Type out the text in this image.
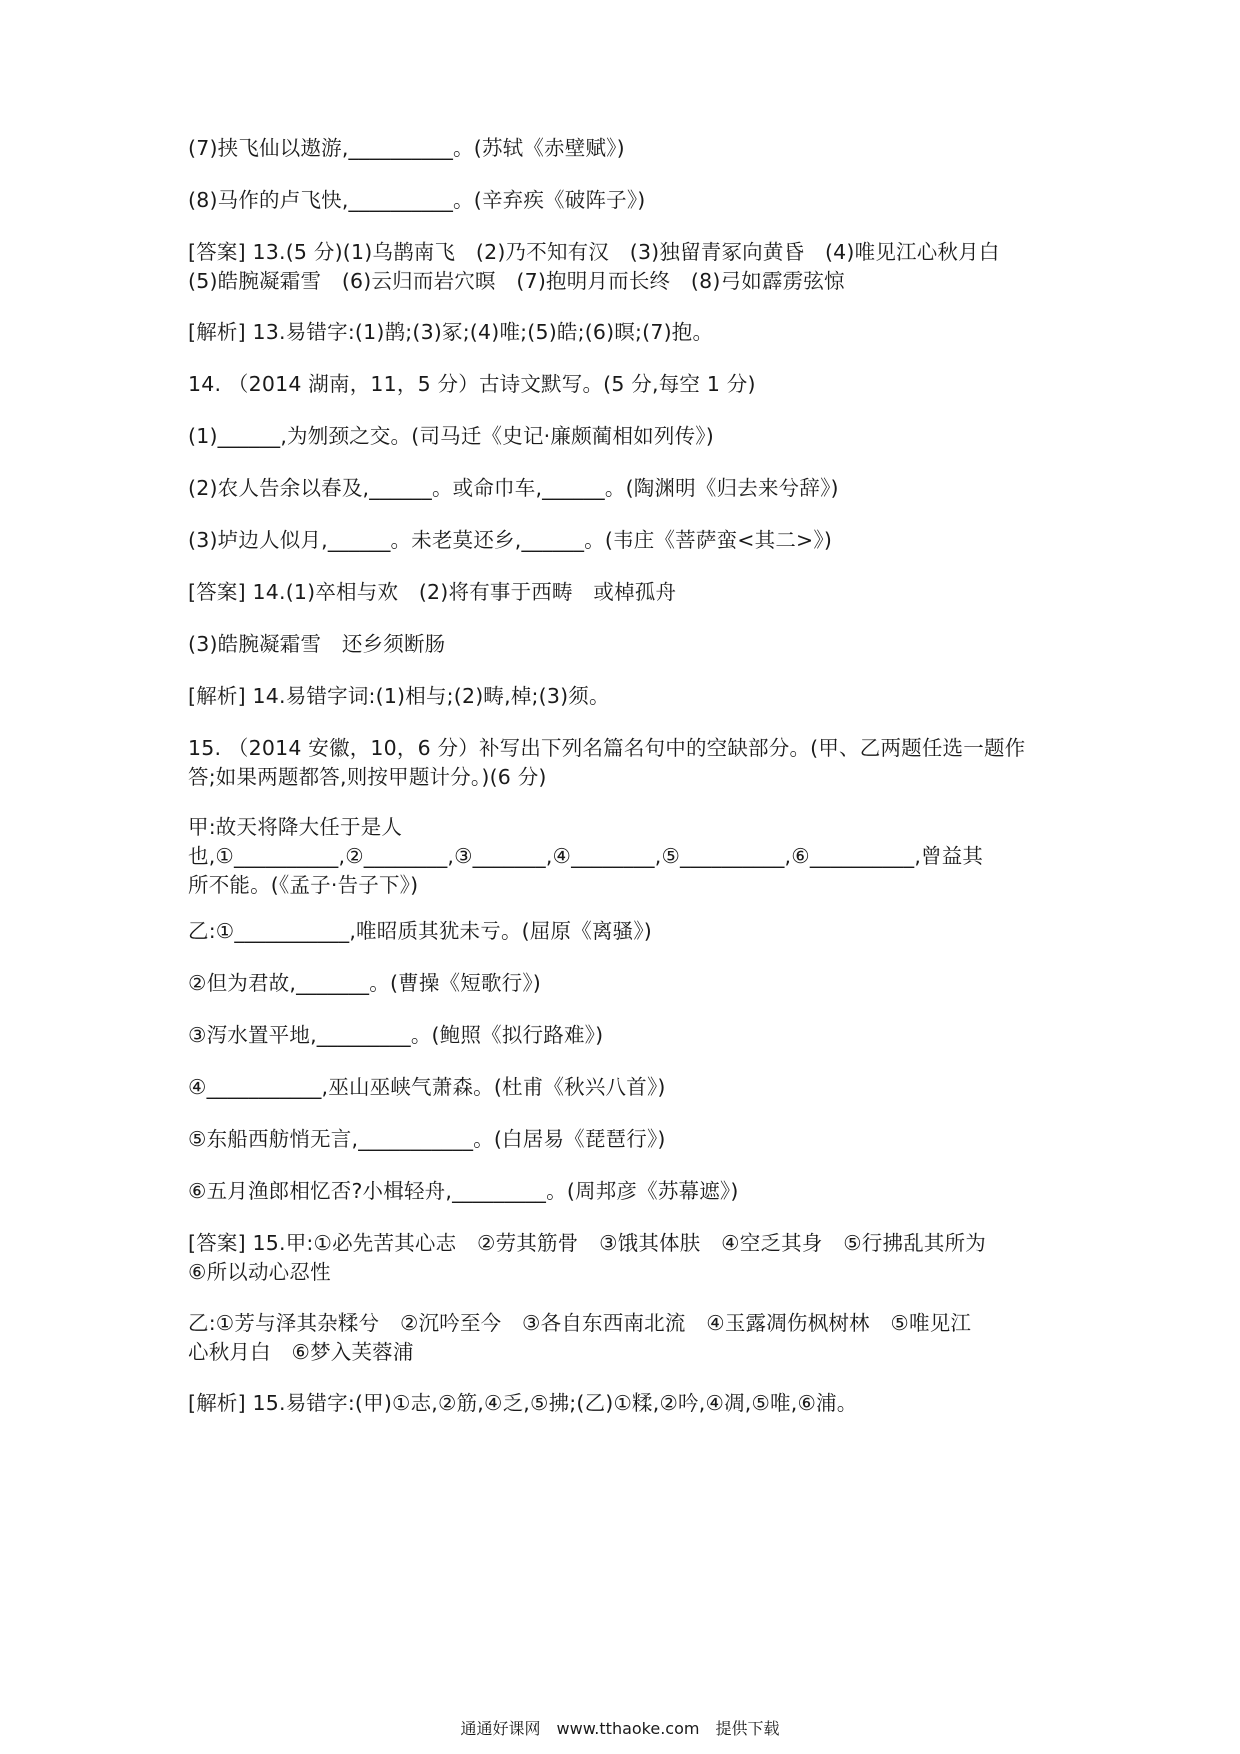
(7)挟飞仙以遨游,__________。(苏轼《赤壁赋》)
(8)马作的卢飞快,__________。(辛弃疾《破阵子》)
[答案] 13.(5 分)(1)乌鹊南飞　(2)乃不知有汉　(3)独留青冢向黄昏　(4)唯见江心秋月白
(5)皓腕凝霜雪　(6)云归而岩穴暝　(7)抱明月而长终　(8)弓如霹雳弦惊
[解析] 13.易错字:(1)鹊;(3)冢;(4)唯;(5)皓;(6)暝;(7)抱。
14. （2014 湖南，11，5 分）古诗文默写。(5 分,每空 1 分)
(1)______,为刎颈之交。(司马迁《史记·廉颇蔺相如列传》)
(2)农人告余以春及,______。或命巾车,______。(陶渊明《归去来兮辞》)
(3)垆边人似月,______。未老莫还乡,______。(韦庄《菩萨蛮<其二>》)
[答案] 14.(1)卒相与欢　(2)将有事于西畴　或棹孤舟
(3)皓腕凝霜雪　还乡须断肠
[解析] 14.易错字词:(1)相与;(2)畴,棹;(3)须。
15. （2014 安徽，10，6 分）补写出下列名篇名句中的空缺部分。(甲、乙两题任选一题作
答;如果两题都答,则按甲题计分。)(6 分)
甲:故天将降大任于是人
也,①__________,②________,③_______,④________,⑤__________,⑥__________,曾益其
所不能。(《孟子·告子下》)
乙:①___________,唯昭质其犹未亏。(屈原《离骚》)
②但为君故,_______。(曹操《短歌行》)
③泻水置平地,_________。(鲍照《拟行路难》)
④___________,巫山巫峡气萧森。(杜甫《秋兴八首》)
⑤东船西舫悄无言,___________。(白居易《琵琶行》)
⑥五月渔郎相忆否?小楫轻舟,_________。(周邦彦《苏幕遮》)
[答案] 15.甲:①必先苦其心志　②劳其筋骨　③饿其体肤　④空乏其身　⑤行拂乱其所为
⑥所以动心忍性
乙:①芳与泽其杂糅兮　②沉吟至今　③各自东西南北流　④玉露凋伤枫树林　⑤唯见江
心秋月白　⑥梦入芙蓉浦
[解析] 15.易错字:(甲)①志,②筋,④乏,⑤拂;(乙)①糅,②吟,④凋,⑤唯,⑥浦。
通通好课网　www.tthaoke.com　提供下载
